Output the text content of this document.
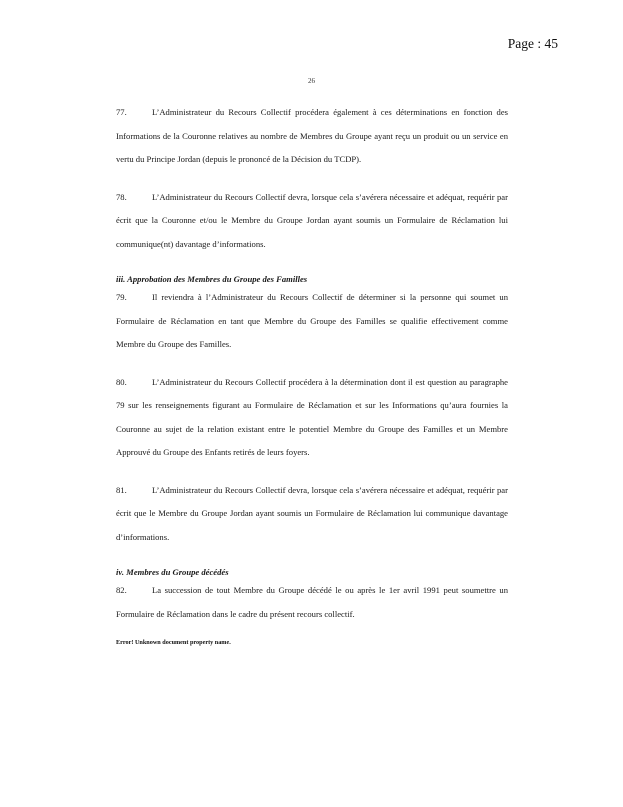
Page : 45
26

77.	L’Administrateur du Recours Collectif procédera également à ces déterminations en fonction des Informations de la Couronne relatives au nombre de Membres du Groupe ayant reçu un produit ou un service en vertu du Principe Jordan (depuis le prononcé de la Décision du TCDP).

78.	L’Administrateur du Recours Collectif devra, lorsque cela s’avérera nécessaire et adéquat, requérir par écrit que la Couronne et/ou le Membre du Groupe Jordan ayant soumis un Formulaire de Réclamation lui communique(nt) davantage d’informations.

iii. Approbation des Membres du Groupe des Familles

79.	Il reviendra à l’Administrateur du Recours Collectif de déterminer si la personne qui soumet un Formulaire de Réclamation en tant que Membre du Groupe des Familles se qualifie effectivement comme Membre du Groupe des Familles.

80.	L’Administrateur du Recours Collectif procédera à la détermination dont il est question au paragraphe 79 sur les renseignements figurant au Formulaire de Réclamation et sur les Informations qu’aura fournies la Couronne au sujet de la relation existant entre le potentiel Membre du Groupe des Familles et un Membre Approuvé du Groupe des Enfants retirés de leurs foyers.

81.	L’Administrateur du Recours Collectif devra, lorsque cela s’avérera nécessaire et adéquat, requérir par écrit que le Membre du Groupe Jordan ayant soumis un Formulaire de Réclamation lui communique davantage d’informations.

iv. Membres du Groupe décédés

82.	La succession de tout Membre du Groupe décédé le ou après le 1er avril 1991 peut soumettre un Formulaire de Réclamation dans le cadre du présent recours collectif.

Error! Unknown document property name.
